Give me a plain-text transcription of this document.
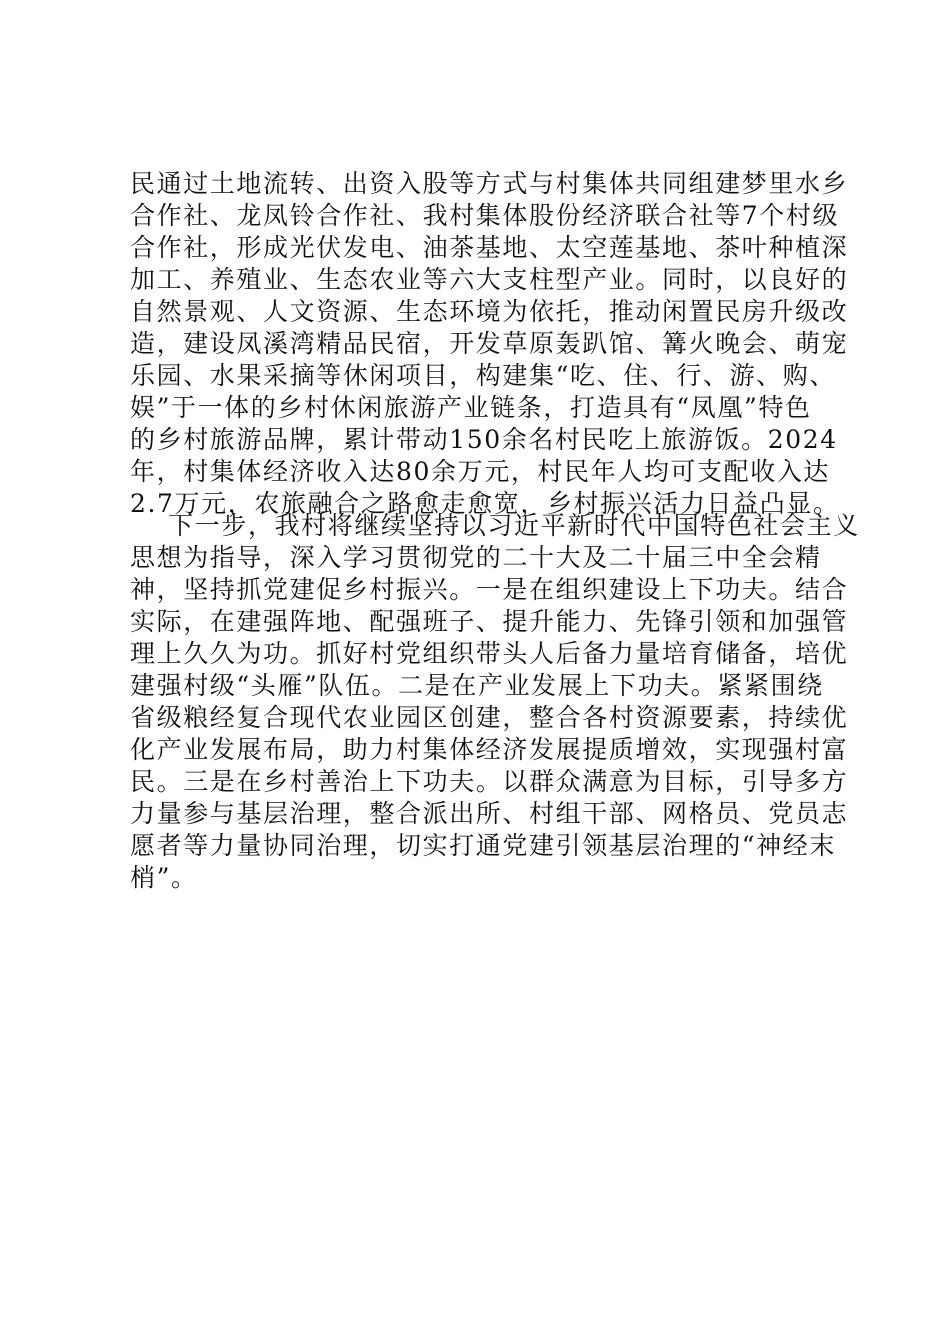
民通过土地流转、出资入股等方式与村集体共同组建梦里水乡
合作社、龙凤铃合作社、我村集体股份经济联合社等7个村级
合作社，形成光伏发电、油茶基地、太空莲基地、茶叶种植深
加工、养殖业、生态农业等六大支柱型产业。同时，以良好的
自然景观、人文资源、生态环境为依托，推动闲置民房升级改
造，建设凤溪湾精品民宿，开发草原轰趴馆、篝火晚会、萌宠
乐园、水果采摘等休闲项目，构建集“吃、住、行、游、购、
娱”于一体的乡村休闲旅游产业链条，打造具有“凤凰”特色
的乡村旅游品牌，累计带动150余名村民吃上旅游饭。2024
年，村集体经济收入达80余万元，村民年人均可支配收入达
2.7万元，农旅融合之路愈走愈宽，乡村振兴活力日益凸显。
下一步，我村将继续坚持以习近平新时代中国特色社会主义
思想为指导，深入学习贯彻党的二十大及二十届三中全会精
神，坚持抓党建促乡村振兴。一是在组织建设上下功夫。结合
实际，在建强阵地、配强班子、提升能力、先锋引领和加强管
理上久久为功。抓好村党组织带头人后备力量培育储备，培优
建强村级“头雁”队伍。二是在产业发展上下功夫。紧紧围绕
省级粮经复合现代农业园区创建，整合各村资源要素，持续优
化产业发展布局，助力村集体经济发展提质增效，实现强村富
民。三是在乡村善治上下功夫。以群众满意为目标，引导多方
力量参与基层治理，整合派出所、村组干部、网格员、党员志
愿者等力量协同治理，切实打通党建引领基层治理的“神经末
梢”。
